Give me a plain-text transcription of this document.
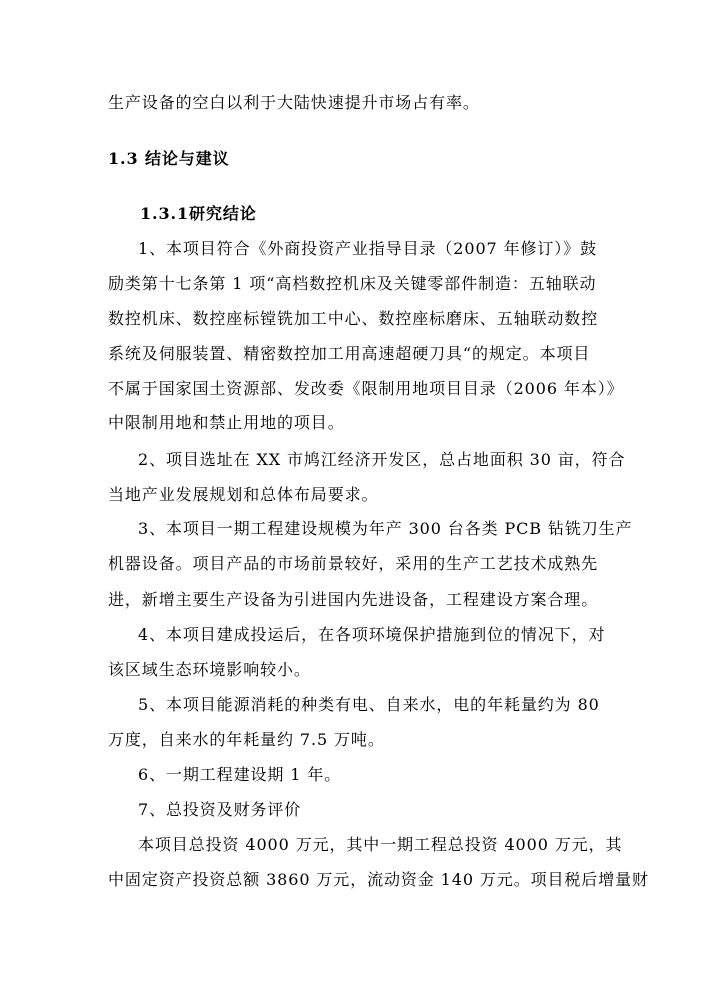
生产设备的空白以利于大陆快速提升市场占有率。
1.3 结论与建议
1.3.1研究结论
1、本项目符合《外商投资产业指导目录（2007 年修订）》鼓
励类第十七条第 1 项“高档数控机床及关键零部件制造：五轴联动
数控机床、数控座标镗铣加工中心、数控座标磨床、五轴联动数控
系统及伺服装置、精密数控加工用高速超硬刀具“的规定。本项目
不属于国家国土资源部、发改委《限制用地项目目录（2006 年本）》
中限制用地和禁止用地的项目。
2、项目选址在 XX 市鸠江经济开发区，总占地面积 30 亩，符合
当地产业发展规划和总体布局要求。
3、本项目一期工程建设规模为年产 300 台各类 PCB 钻铣刀生产
机器设备。项目产品的市场前景较好，采用的生产工艺技术成熟先
进，新增主要生产设备为引进国内先进设备，工程建设方案合理。
4、本项目建成投运后，在各项环境保护措施到位的情况下，对
该区域生态环境影响较小。
5、本项目能源消耗的种类有电、自来水，电的年耗量约为 80
万度，自来水的年耗量约 7.5 万吨。
6、一期工程建设期 1 年。
7、总投资及财务评价
本项目总投资 4000 万元，其中一期工程总投资 4000 万元，其
中固定资产投资总额 3860 万元，流动资金 140 万元。项目税后增量财
